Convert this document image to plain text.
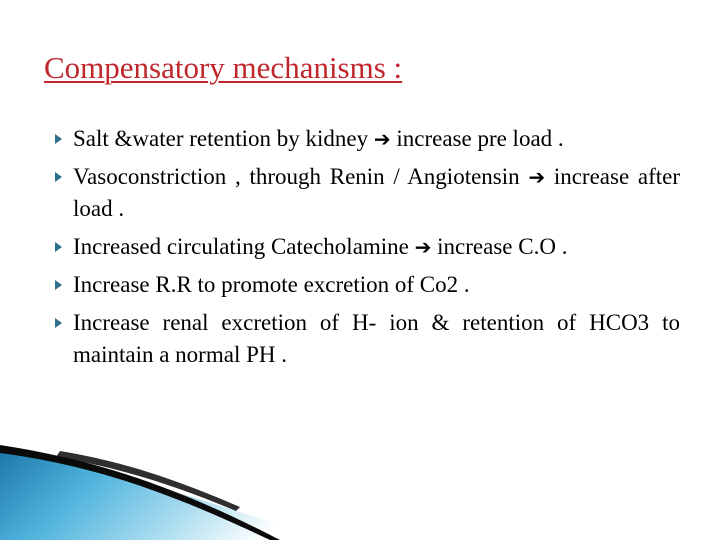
Compensatory mechanisms :
Salt &water retention by kidney ➔ increase pre load .
Vasoconstriction , through Renin / Angiotensin ➔ increase after load .
Increased circulating Catecholamine ➔ increase C.O .
Increase R.R to promote excretion of Co2 .
Increase renal excretion of H- ion & retention of HCO3 to maintain a normal PH .
